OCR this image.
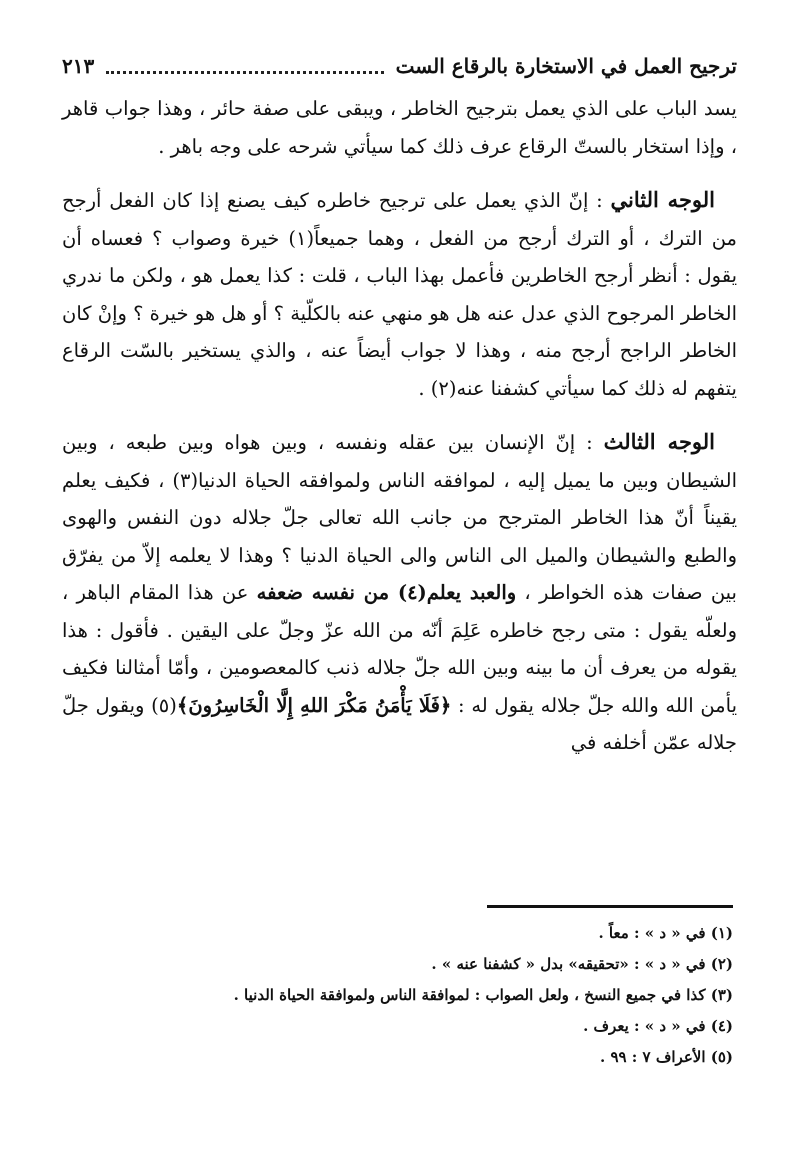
ترجيح العمل في الاستخارة بالرقاع الست
٢١٣

يسد الباب على الذي يعمل بترجيح الخاطر ، ويبقى على صفة حائر ، وهذا جواب قاهر ، وإذا استخار بالستّ الرقاع عرف ذلك كما سيأتي شرحه على وجه باهر .

الوجه الثاني : إنّ الذي يعمل على ترجيح خاطره كيف يصنع إذا كان الفعل أرجح من الترك ، أو الترك أرجح من الفعل ، وهما جميعاً(١) خيرة وصواب ؟ فعساه أن يقول : أنظر أرجح الخاطرين فأعمل بهذا الباب ، قلت : كذا يعمل هو ، ولكن ما ندري الخاطر المرجوح الذي عدل عنه هل هو منهي عنه بالكلّية ؟ أو هل هو خيرة ؟ وإنْ كان الخاطر الراجح أرجح منه ، وهذا لا جواب أيضاً عنه ، والذي يستخير بالسّت الرقاع يتفهم له ذلك كما سيأتي كشفنا عنه(٢) .

الوجه الثالث : إنّ الإنسان بين عقله ونفسه ، وبين هواه وبين طبعه ، وبين الشيطان وبين ما يميل إليه ، لموافقه الناس ولموافقه الحياة الدنيا(٣) ، فكيف يعلم يقيناً أنّ هذا الخاطر المترجح من جانب الله تعالى جلّ جلاله دون النفس والهوى والطبع والشيطان والميل الى الناس والى الحياة الدنيا ؟ وهذا لا يعلمه إلاّ من يفرّق بين صفات هذه الخواطر ، والعبد يعلم(٤) من نفسه ضعفه عن هذا المقام الباهر ، ولعلّه يقول : متى رجح خاطره عَلِمَ أنّه من الله عزّ وجلّ على اليقين . فأقول : هذا يقوله من يعرف أن ما بينه وبين الله جلّ جلاله ذنب كالمعصومين ، وأمّا أمثالنا فكيف يأمن الله والله جلّ جلاله يقول له : ﴿فَلَا يَأْمَنُ مَكْرَ اللهِ إِلَّا الْخَاسِرُونَ﴾(٥) ويقول جلّ جلاله عمّن أخلفه في

(١) في « د » : معاً .
(٢) في « د » : «تحقيقه» بدل « كشفنا عنه » .
(٣) كذا في جميع النسخ ، ولعل الصواب : لموافقة الناس ولموافقة الحياة الدنيا .
(٤) في « د » : يعرف .
(٥) الأعراف ٧ : ٩٩ .
